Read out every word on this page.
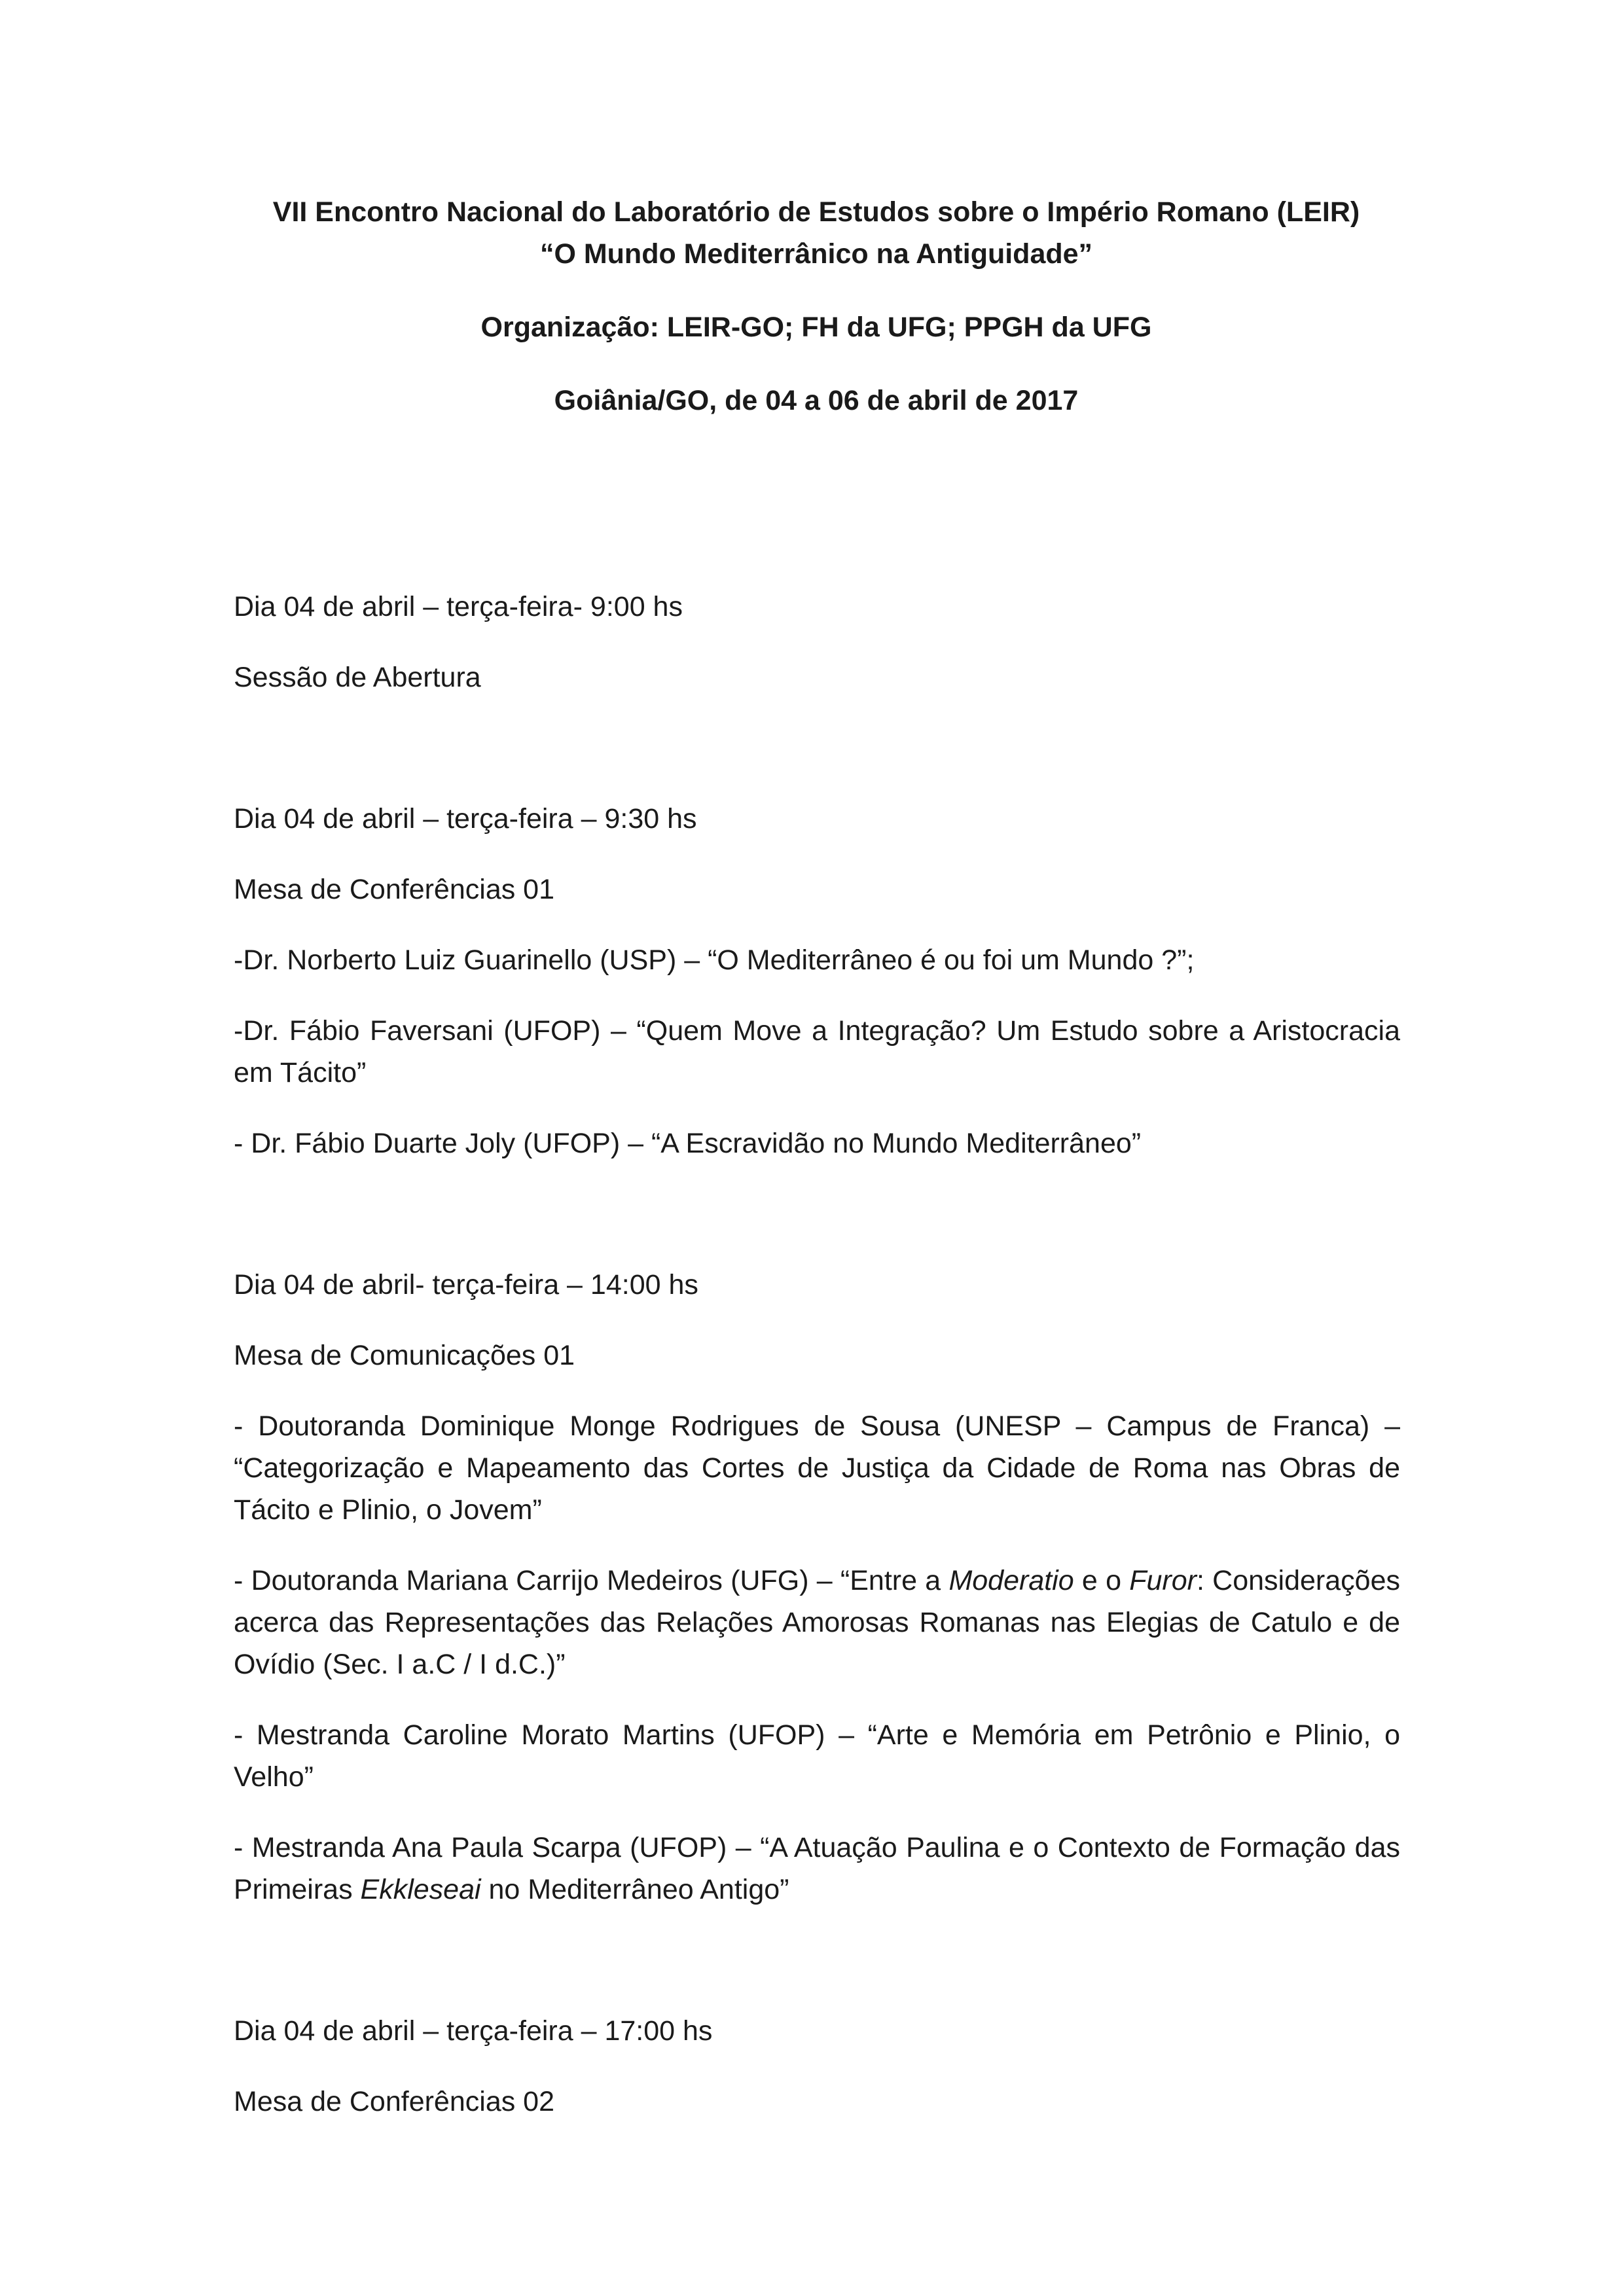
VII Encontro Nacional do Laboratório de Estudos sobre o Império Romano (LEIR)
“O Mundo Mediterrânico na Antiguidade”
Organização: LEIR-GO; FH da UFG; PPGH da UFG
Goiânia/GO, de 04 a 06 de abril de 2017

Dia 04 de abril – terça-feira- 9:00 hs

Sessão de Abertura

Dia 04 de abril – terça-feira – 9:30 hs

Mesa de Conferências 01

-Dr. Norberto Luiz Guarinello (USP) – “O Mediterrâneo é ou foi um Mundo ?”;

-Dr. Fábio Faversani (UFOP) – “Quem Move a Integração? Um Estudo sobre a Aristocracia em Tácito”

- Dr. Fábio Duarte Joly (UFOP) – “A Escravidão no Mundo Mediterrâneo”

Dia 04 de abril- terça-feira – 14:00 hs

Mesa de Comunicações 01

- Doutoranda Dominique Monge Rodrigues de Sousa (UNESP – Campus de Franca) – “Categorização e Mapeamento das Cortes de Justiça da Cidade de Roma nas Obras de Tácito e Plinio, o Jovem”

- Doutoranda Mariana Carrijo Medeiros (UFG) – “Entre a Moderatio e o Furor: Considerações acerca das Representações das Relações Amorosas Romanas nas Elegias de Catulo e de Ovídio (Sec. I a.C / I d.C.)”

- Mestranda Caroline Morato Martins (UFOP) – “Arte e Memória em Petrônio e Plinio, o Velho”

- Mestranda Ana Paula Scarpa (UFOP) – “A Atuação Paulina e o Contexto de Formação das Primeiras Ekkleseai no Mediterrâneo Antigo”

Dia 04 de abril – terça-feira – 17:00 hs

Mesa de Conferências 02
